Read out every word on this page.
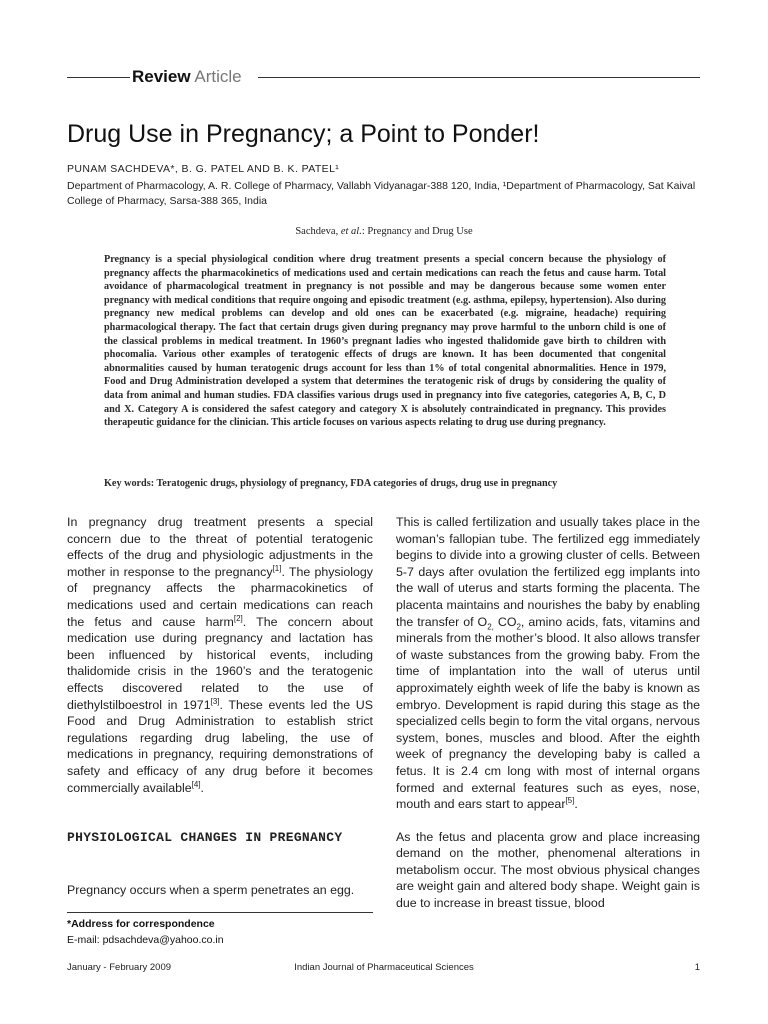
Review Article
Drug Use in Pregnancy; a Point to Ponder!
PUNAM SACHDEVA*, B. G. PATEL AND B. K. PATEL¹
Department of Pharmacology, A. R. College of Pharmacy, Vallabh Vidyanagar-388 120, India, ¹Department of Pharmacology, Sat Kaival College of Pharmacy, Sarsa-388 365, India
Sachdeva, et al.: Pregnancy and Drug Use
Pregnancy is a special physiological condition where drug treatment presents a special concern because the physiology of pregnancy affects the pharmacokinetics of medications used and certain medications can reach the fetus and cause harm. Total avoidance of pharmacological treatment in pregnancy is not possible and may be dangerous because some women enter pregnancy with medical conditions that require ongoing and episodic treatment (e.g. asthma, epilepsy, hypertension). Also during pregnancy new medical problems can develop and old ones can be exacerbated (e.g. migraine, headache) requiring pharmacological therapy. The fact that certain drugs given during pregnancy may prove harmful to the unborn child is one of the classical problems in medical treatment. In 1960’s pregnant ladies who ingested thalidomide gave birth to children with phocomalia. Various other examples of teratogenic effects of drugs are known. It has been documented that congenital abnormalities caused by human teratogenic drugs account for less than 1% of total congenital abnormalities. Hence in 1979, Food and Drug Administration developed a system that determines the teratogenic risk of drugs by considering the quality of data from animal and human studies. FDA classifies various drugs used in pregnancy into five categories, categories A, B, C, D and X. Category A is considered the safest category and category X is absolutely contraindicated in pregnancy. This provides therapeutic guidance for the clinician. This article focuses on various aspects relating to drug use during pregnancy.
Key words: Teratogenic drugs, physiology of pregnancy, FDA categories of drugs, drug use in pregnancy

In pregnancy drug treatment presents a special concern due to the threat of potential teratogenic effects of the drug and physiologic adjustments in the mother in response to the pregnancy[1]. The physiology of pregnancy affects the pharmacokinetics of medications used and certain medications can reach the fetus and cause harm[2]. The concern about medication use during pregnancy and lactation has been influenced by historical events, including thalidomide crisis in the 1960’s and the teratogenic effects discovered related to the use of diethylstilboestrol in 1971[3]. These events led the US Food and Drug Administration to establish strict regulations regarding drug labeling, the use of medications in pregnancy, requiring demonstrations of safety and efficacy of any drug before it becomes commercially available[4].

PHYSIOLOGICAL CHANGES IN PREGNANCY
Pregnancy occurs when a sperm penetrates an egg.
*Address for correspondence
E-mail: pdsachdeva@yahoo.co.in

This is called fertilization and usually takes place in the woman’s fallopian tube. The fertilized egg immediately begins to divide into a growing cluster of cells. Between 5-7 days after ovulation the fertilized egg implants into the wall of uterus and starts forming the placenta. The placenta maintains and nourishes the baby by enabling the transfer of $O_{2,}$ $CO_2$, amino acids, fats, vitamins and minerals from the mother’s blood. It also allows transfer of waste substances from the growing baby. From the time of implantation into the wall of uterus until approximately eighth week of life the baby is known as embryo. Development is rapid during this stage as the specialized cells begin to form the vital organs, nervous system, bones, muscles and blood. After the eighth week of pregnancy the developing baby is called a fetus. It is 2.4 cm long with most of internal organs formed and external features such as eyes, nose, mouth and ears start to appear[5].

As the fetus and placenta grow and place increasing demand on the mother, phenomenal alterations in metabolism occur. The most obvious physical changes are weight gain and altered body shape. Weight gain is due to increase in breast tissue, blood

January - February 2009	Indian Journal of Pharmaceutical Sciences	1
